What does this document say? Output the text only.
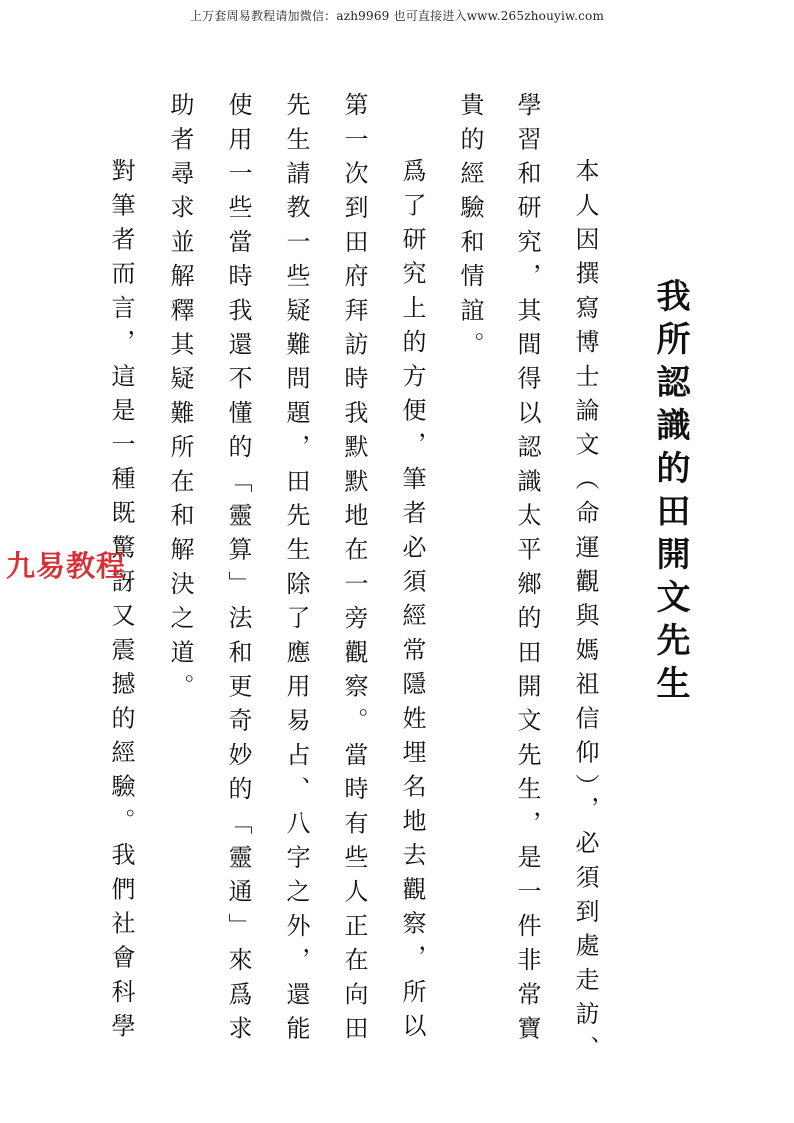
上万套周易教程请加微信：azh9969 也可直接进入www.265zhouyiw.com
我所認識的田開文先生
本人因撰寫博士論文（命運觀與媽祖信仰），必須到處走訪、
學習和研究，其間得以認識太平鄉的田開文先生，是一件非常寶
貴的經驗和情誼。
爲了研究上的方便，筆者必須經常隱姓埋名地去觀察，所以
第一次到田府拜訪時我默默地在一旁觀察。當時有些人正在向田
先生請教一些疑難問題，田先生除了應用易占、八字之外，還能
使用一些當時我還不懂的「靈算」法和更奇妙的「靈通」來爲求
助者尋求並解釋其疑難所在和解決之道。
對筆者而言，這是一種既驚訝又震撼的經驗。我們社會科學
九易教程
